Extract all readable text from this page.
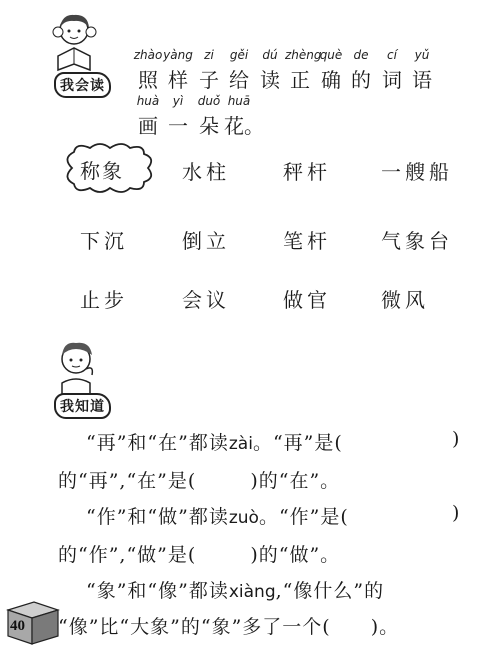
我会读
zhào yàng zi	gěi	dú zhèng
què de	cí	yǔ
照 样 子 给 读 正 确 的 词 语
huà	yì	duǒ huā
画 一 朵 花。
称象	水柱	秤杆	一艘船
下沉	倒立	笔杆	气象台
止步	会议	做官	微风
我知道
“再”和“在”都读zài。“再”是(	)
的“再”,“在”是(	)的“在”。
“作”和“做”都读zuò。“作”是(	)
的“作”,“做”是(	)的“做”。
“象”和“像”都读xiàng,“像什么”的
“像”比“大象”的“象”多了一个( )。
40
